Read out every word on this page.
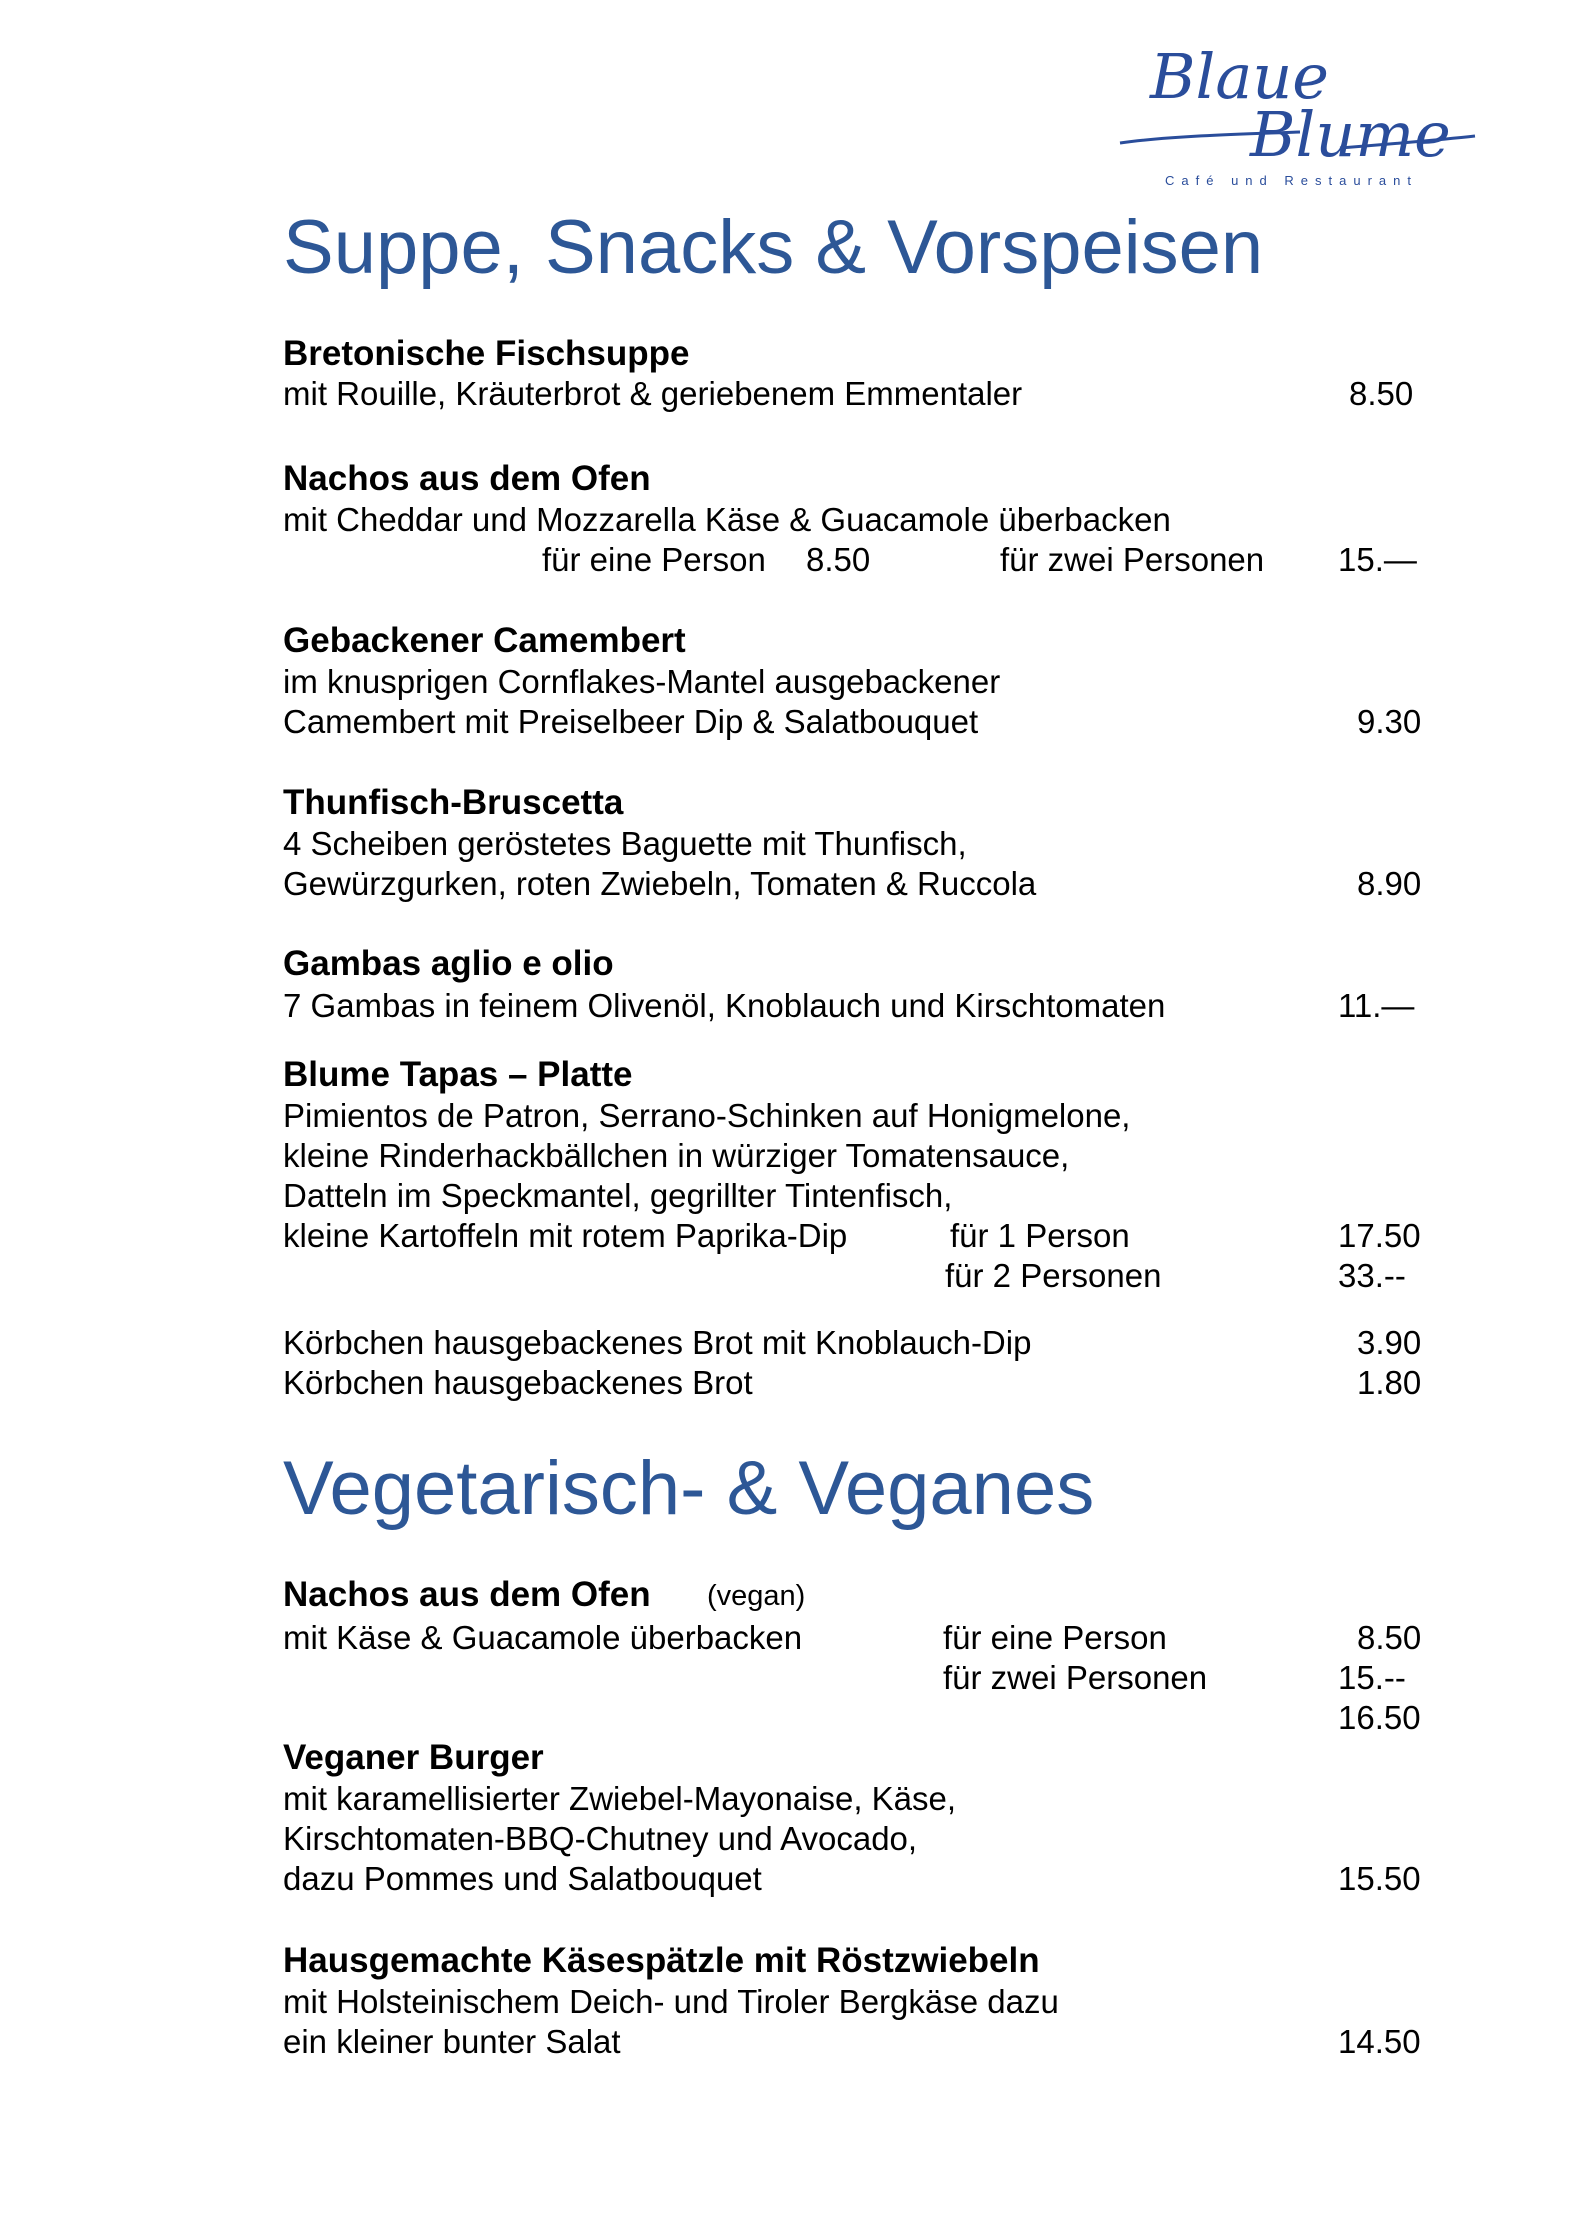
Blaue
Blume
Café und Restaurant
Suppe, Snacks & Vorspeisen
Bretonische Fischsuppe
mit Rouille, Kräuterbrot & geriebenem Emmentaler	8.50
Nachos aus dem Ofen
mit Cheddar und Mozzarella Käse & Guacamole überbacken
für eine Person 8.50	für zwei Personen 15.—
Gebackener Camembert
im knusprigen Cornflakes-Mantel ausgebackener
Camembert mit Preiselbeer Dip & Salatbouquet	9.30
Thunfisch-Bruscetta
4 Scheiben geröstetes Baguette mit Thunfisch,
Gewürzgurken, roten Zwiebeln, Tomaten & Ruccola	8.90
Gambas aglio e olio
7 Gambas in feinem Olivenöl, Knoblauch und Kirschtomaten	11.—
Blume Tapas – Platte
Pimientos de Patron, Serrano-Schinken auf Honigmelone,
kleine Rinderhackbällchen in würziger Tomatensauce,
Datteln im Speckmantel, gegrillter Tintenfisch,
kleine Kartoffeln mit rotem Paprika-Dip	für 1 Person	17.50
für 2 Personen	33.--
Körbchen hausgebackenes Brot mit Knoblauch-Dip	3.90
Körbchen hausgebackenes Brot	1.80
Vegetarisch- & Veganes
Nachos aus dem Ofen (vegan)
mit Käse & Guacamole überbacken	für eine Person	8.50
für zwei Personen	15.--
16.50
Veganer Burger
mit karamellisierter Zwiebel-Mayonaise, Käse,
Kirschtomaten-BBQ-Chutney und Avocado,
dazu Pommes und Salatbouquet	15.50
Hausgemachte Käsespätzle mit Röstzwiebeln
mit Holsteinischem Deich- und Tiroler Bergkäse dazu
ein kleiner bunter Salat	14.50
